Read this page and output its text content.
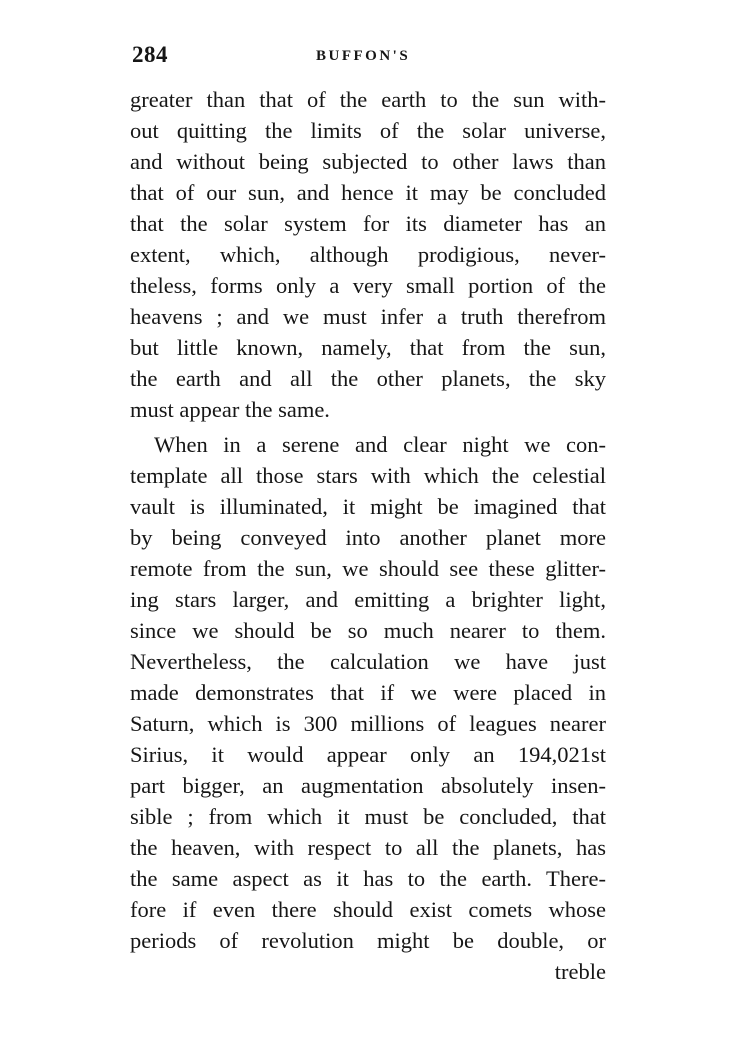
284	BUFFON'S
greater than that of the earth to the sun with-
out quitting the limits of the solar universe,
and without being subjected to other laws than
that of our sun, and hence it may be concluded
that the solar system for its diameter has an
extent, which, although prodigious, never-
theless, forms only a very small portion of the
heavens ; and we must infer a truth therefrom
but little known, namely, that from the sun,
the earth and all the other planets, the sky
must appear the same.
When in a serene and clear night we con-
template all those stars with which the celestial
vault is illuminated, it might be imagined that
by being conveyed into another planet more
remote from the sun, we should see these glitter-
ing stars larger, and emitting a brighter light,
since we should be so much nearer to them.
Nevertheless, the calculation we have just
made demonstrates that if we were placed in
Saturn, which is 300 millions of leagues nearer
Sirius, it would appear only an 194,021st
part bigger, an augmentation absolutely insen-
sible ; from which it must be concluded, that
the heaven, with respect to all the planets, has
the same aspect as it has to the earth. There-
fore if even there should exist comets whose
periods of revolution might be double, or
treble
